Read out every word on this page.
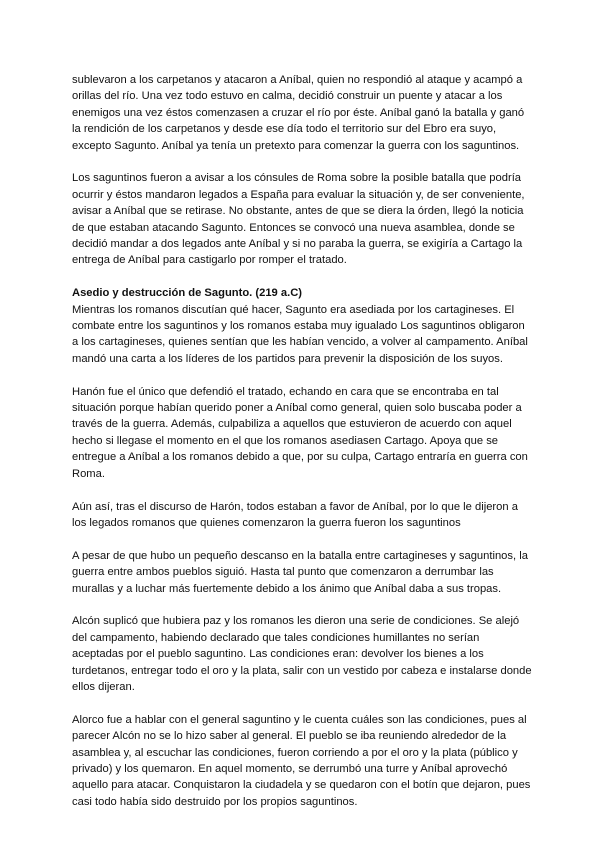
sublevaron a los carpetanos y atacaron a Aníbal, quien no respondió al ataque y acampó a orillas del río. Una vez todo estuvo en calma, decidió construir un puente y atacar a los enemigos una vez éstos comenzasen a cruzar el río por éste. Aníbal ganó la batalla y ganó la rendición de los carpetanos y desde ese día todo el territorio sur del Ebro era suyo, excepto Sagunto. Aníbal ya tenía un pretexto para comenzar la guerra con los saguntinos.

Los saguntinos fueron a avisar a los cónsules de Roma sobre la posible batalla que podría ocurrir y éstos mandaron legados a España para evaluar la situación y, de ser conveniente, avisar a Aníbal que se retirase. No obstante, antes de que se diera la órden, llegó la noticia de que estaban atacando Sagunto. Entonces se convocó una nueva asamblea, donde se decidió mandar a dos legados ante Aníbal y si no paraba la guerra, se exigiría a Cartago la entrega de Aníbal para castigarlo por romper el tratado.

Asedio y destrucción de Sagunto. (219 a.C)

Mientras los romanos discutían qué hacer, Sagunto era asediada por los cartagineses. El combate entre los saguntinos y los romanos estaba muy igualado Los saguntinos obligaron a los cartagineses, quienes sentían que les habían vencido, a volver al campamento. Aníbal mandó una carta a los líderes de los partidos para prevenir la disposición de los suyos.

Hanón fue el único que defendió el tratado, echando en cara que se encontraba en tal situación porque habían querido poner a Aníbal como general, quien solo buscaba poder a través de la guerra. Además, culpabiliza a aquellos que estuvieron de acuerdo con aquel hecho si llegase el momento en el que los romanos asediasen Cartago. Apoya que se entregue a Aníbal a los romanos debido a que, por su culpa, Cartago entraría en guerra con Roma.

Aún así, tras el discurso de Harón, todos estaban a favor de Aníbal, por lo que le dijeron a los legados romanos que quienes comenzaron la guerra fueron los saguntinos

A pesar de que hubo un pequeño descanso en la batalla entre cartagineses y saguntinos, la guerra entre ambos pueblos siguió. Hasta tal punto que comenzaron a derrumbar las murallas y a luchar más fuertemente debido a los ánimo que Aníbal daba a sus tropas.

Alcón suplicó que hubiera paz y los romanos les dieron una serie de condiciones. Se alejó del campamento, habiendo declarado que tales condiciones humillantes no serían aceptadas por el pueblo saguntino. Las condiciones eran: devolver los bienes a los turdetanos, entregar todo el oro y la plata, salir con un vestido por cabeza e instalarse donde ellos dijeran.

Alorco fue a hablar con el general saguntino y le cuenta cuáles son las condiciones, pues al parecer Alcón no se lo hizo saber al general. El pueblo se iba reuniendo alrededor de la asamblea y, al escuchar las condiciones, fueron corriendo a por el oro y la plata (público y privado) y los quemaron. En aquel momento, se derrumbó una turre y Aníbal aprovechó aquello para atacar. Conquistaron la ciudadela y se quedaron con el botín que dejaron, pues casi todo había sido destruido por los propios saguntinos.
